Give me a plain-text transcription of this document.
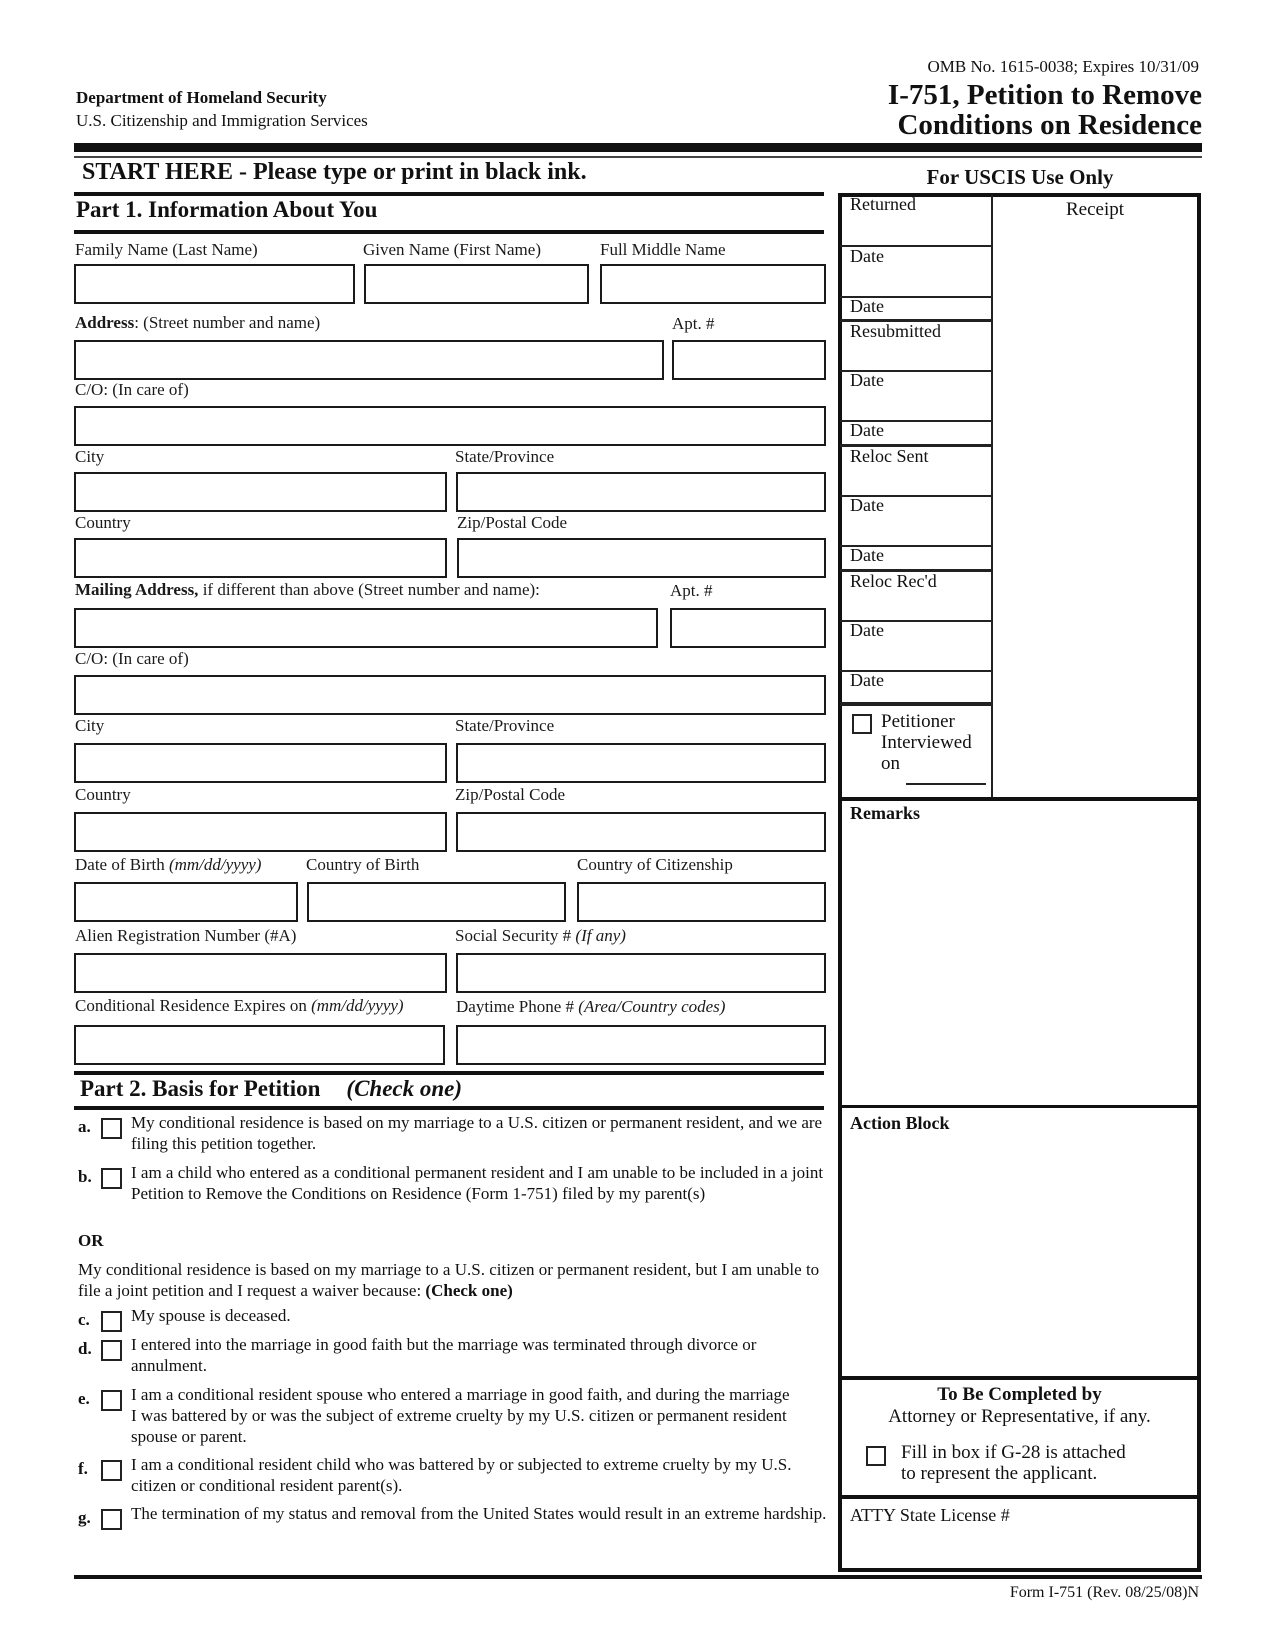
Department of Homeland Security
U.S. Citizenship and Immigration Services
OMB No. 1615-0038; Expires 10/31/09
I-751, Petition to Remove
Conditions on Residence
START HERE - Please type or print in black ink.
Part 1. Information About You
Family Name (Last Name)	Given Name (First Name)	Full Middle Name
Address: (Street number and name)	Apt. #
C/O: (In care of)
City	State/Province
Country	Zip/Postal Code
Mailing Address, if different than above (Street number and name):	Apt. #
C/O: (In care of)
City	State/Province
Country	Zip/Postal Code
Date of Birth (mm/dd/yyyy)	Country of Birth	Country of Citizenship
Alien Registration Number (#A)	Social Security # (If any)
Conditional Residence Expires on (mm/dd/yyyy)	Daytime Phone # (Area/Country codes)
Part 2. Basis for Petition (Check one)
a. My conditional residence is based on my marriage to a U.S. citizen or permanent resident, and we are filing this petition together.
b. I am a child who entered as a conditional permanent resident and I am unable to be included in a joint Petition to Remove the Conditions on Residence (Form 1-751) filed by my parent(s)
OR
My conditional residence is based on my marriage to a U.S. citizen or permanent resident, but I am unable to file a joint petition and I request a waiver because: (Check one)
c. My spouse is deceased.
d. I entered into the marriage in good faith but the marriage was terminated through divorce or annulment.
e. I am a conditional resident spouse who entered a marriage in good faith, and during the marriage I was battered by or was the subject of extreme cruelty by my U.S. citizen or permanent resident spouse or parent.
f.	I am a conditional resident child who was battered by or subjected to extreme cruelty by my U.S. citizen or conditional resident parent(s).
g. The termination of my status and removal from the United States would result in an extreme hardship.
For USCIS Use Only
Receipt
Returned
Date
Date
Resubmitted
Date
Date
Reloc Sent
Date
Date
Reloc Rec'd
Date
Date
Petitioner
Interviewed
on
Remarks
Action Block
To Be Completed by
Attorney or Representative, if any.
Fill in box if G-28 is attached
to represent the applicant.
ATTY State License #
Form I-751 (Rev. 08/25/08)N
